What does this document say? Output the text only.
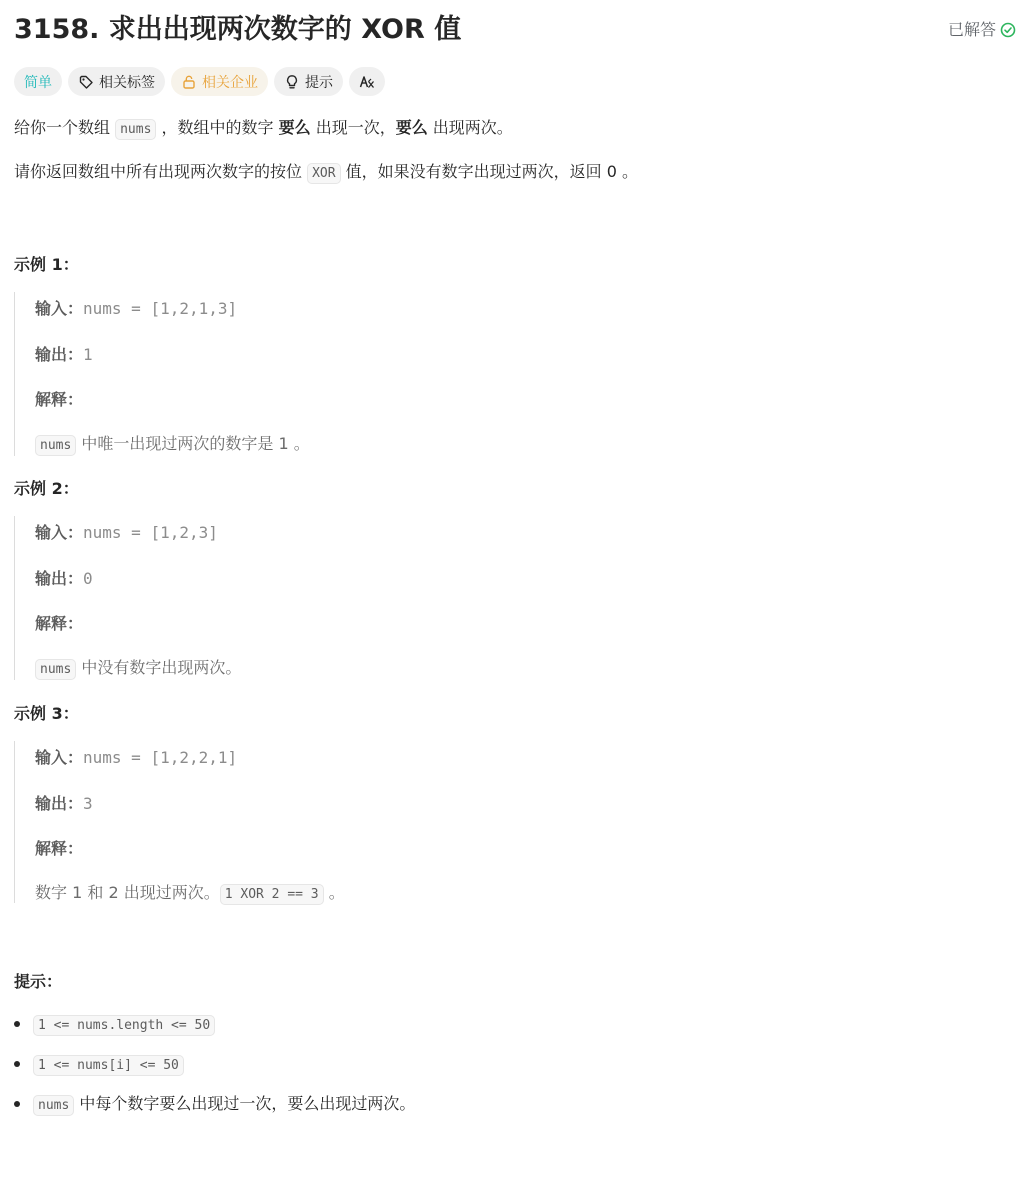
3158. 求出出现两次数字的 XOR 值	已解答
简单	相关标签	相关企业	提示
给你一个数组 nums ，数组中的数字 要么 出现一次，要么 出现两次。
请你返回数组中所有出现两次数字的按位 XOR 值，如果没有数字出现过两次，返回 0 。
示例 1：
输入：nums = [1,2,1,3]
输出：1
解释：
nums 中唯一出现过两次的数字是 1 。
示例 2：
输入：nums = [1,2,3]
输出：0
解释：
nums 中没有数字出现两次。
示例 3：
输入：nums = [1,2,2,1]
输出：3
解释：
数字 1 和 2 出现过两次。 1 XOR 2 == 3 。
提示：
1 <= nums.length <= 50
1 <= nums[i] <= 50
nums 中每个数字要么出现过一次，要么出现过两次。
